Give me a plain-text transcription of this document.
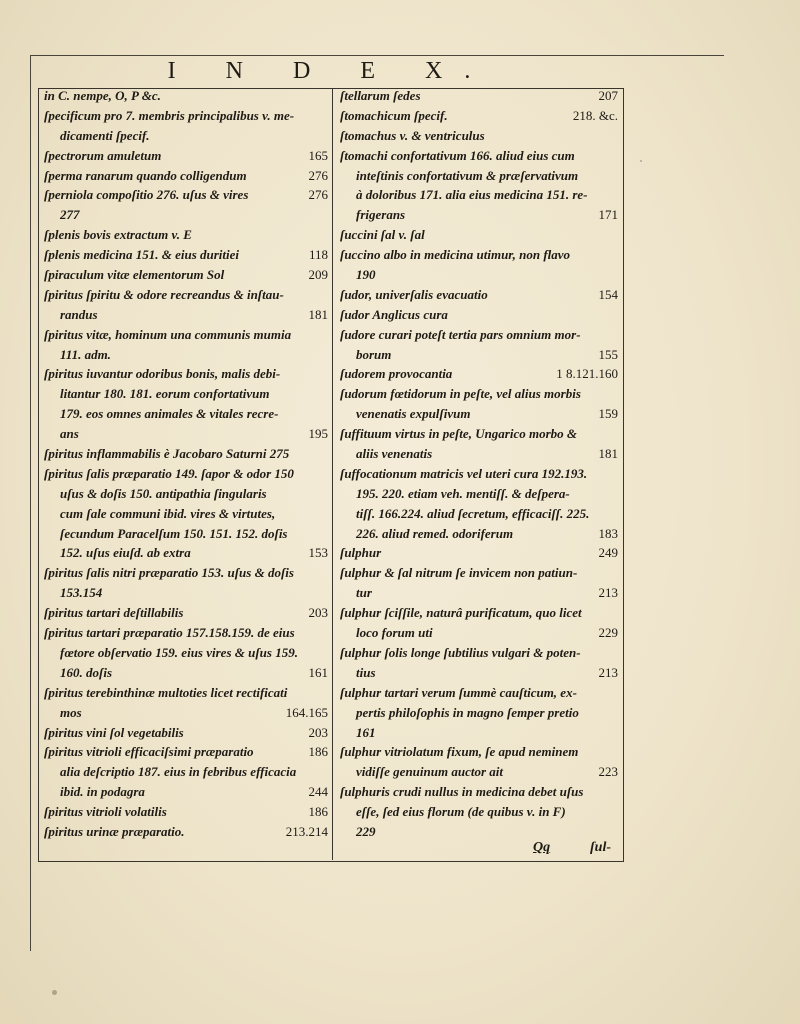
I N D E X.
in C. nempe, O, P &c.
ſpecificum pro 7. membris principalibus v. me-
dicamenti ſpecif.
ſpectrorum amuletum	165
ſperma ranarum quando colligendum	276
ſperniola compoſitio 276. uſus & vires	276
277
ſplenis bovis extractum v. E
ſplenis medicina 151. & eius duritiei	118
ſpiraculum vitæ elementorum Sol	209
ſpiritus ſpiritu & odore recreandus & inſtau-
randus	181
ſpiritus vitæ, hominum una communis mumia
111. adm.
ſpiritus iuvantur odoribus bonis, malis debi-
litantur 180. 181. eorum confortativum
179. eos omnes animales & vitales recre-
ans	195
ſpiritus inflammabilis è Jacobaro Saturni 275
ſpiritus ſalis præparatio 149. ſapor & odor 150
uſus & doſis 150. antipathia ſingularis
cum ſale communi ibid. vires & virtutes,
ſecundum Paracelſum 150. 151. 152. doſis
152. uſus eiuſd. ab extra	153
ſpiritus ſalis nitri præparatio 153. uſus & doſis
153.154
ſpiritus tartari deſtillabilis	203
ſpiritus tartari præparatio 157.158.159. de eius
fœtore obſervatio 159. eius vires & uſus 159.
160. doſis	161
ſpiritus terebinthinæ multoties licet rectificati
mos	164.165
ſpiritus vini ſol vegetabilis	203
ſpiritus vitrioli efficaciſsimi præparatio	186
alia deſcriptio 187. eius in febribus efficacia
ibid. in podagra	244
ſpiritus vitrioli volatilis	186
ſpiritus urinæ præparatio.	213.214
ſtellarum ſedes	207
ſtomachicum ſpecif.	218. &c.
ſtomachus v. & ventriculus
ſtomachi confortativum 166. aliud eius cum
inteſtinis confortativum & præſervativum
à doloribus 171. alia eius medicina 151. re-
frigerans	171
ſuccini ſal v. ſal
ſuccino albo in medicina utimur, non flavo
190
ſudor, univerſalis evacuatio	154
ſudor Anglicus cura
ſudore curari poteſt tertia pars omnium mor-
borum	155
ſudorem provocantia	1 8.121.160
ſudorum fœtidorum in peſte, vel alius morbis
venenatis expulſivum	159
ſuffituum virtus in peſte, Ungarico morbo &
aliis venenatis	181
ſuffocationum matricis vel uteri cura 192.193.
195. 220. etiam veh. mentiſſ. & deſpera-
tiſſ. 166.224. aliud ſecretum, efficaciſſ. 225.
226. aliud remed. odoriferum	183
ſulphur	249
ſulphur & ſal nitrum ſe invicem non patiun-
tur	213
ſulphur ſciſſile, naturâ purificatum, quo licet
loco forum uti	229
ſulphur ſolis longe ſubtilius vulgari & poten-
tius	213
ſulphur tartari verum ſummè cauſticum, ex-
pertis philoſophis in magno ſemper pretio
161
ſulphur vitriolatum fixum, ſe apud neminem
vidiſſe genuinum auctor ait	223
ſulphuris crudi nullus in medicina debet uſus
eſſe, ſed eius florum (de quibus v. in F)
229
Qq	ſul-
